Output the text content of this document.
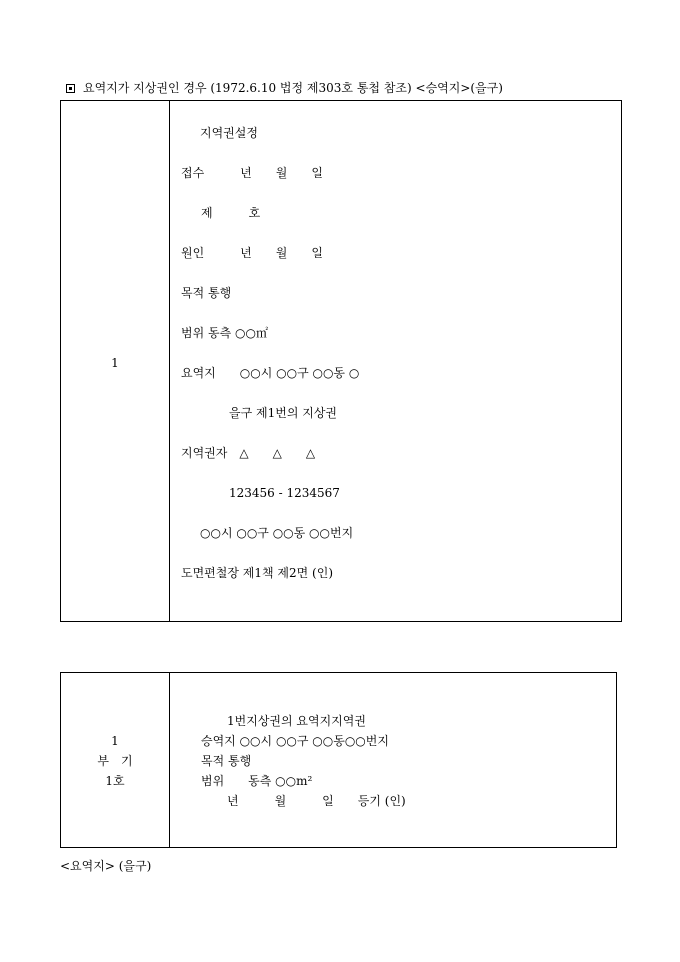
요역지가 지상권인 경우 (1972.6.10 법정 제303호 통첩 참조) <승역지>(을구)
1
지역권설정
접수　　　년　　월　　일
제　　　호
원인　　　년　　월　　일
목적 통행
범위 동측 ○○㎡
요역지　　○○시 ○○구 ○○동 ○
을구 제1번의 지상권
지역권자　△　　△　　△
123456 - 1234567
○○시 ○○구 ○○동 ○○번지
도면편철장 제1책 제2면 (인)
1
부　기
1호
1번지상권의 요역지지역권
승역지 ○○시 ○○구 ○○동○○번지
목적 통행
범위　　동측 ○○m²
년　　　월　　　일　　등기 (인)
<요역지> (을구)
